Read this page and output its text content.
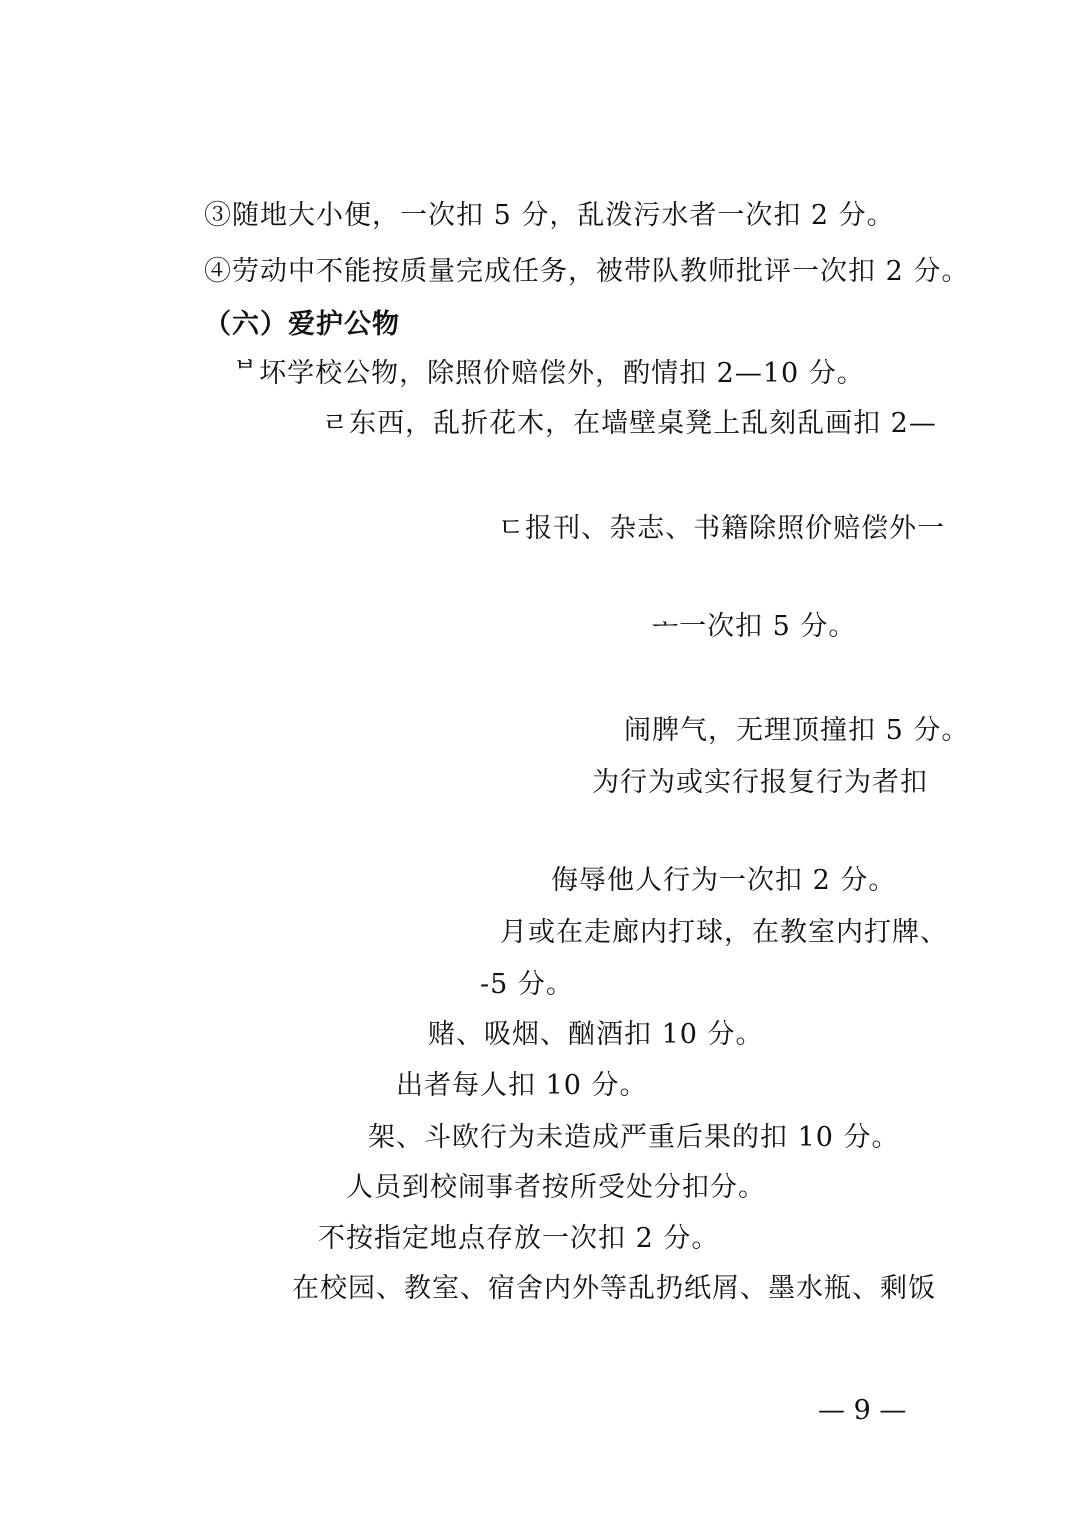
③随地大小便，一次扣 5 分，乱泼污水者一次扣 2 分。
④劳动中不能按质量完成任务，被带队教师批评一次扣 2 分。
（六）爱护公物
ᄇ坏学校公物，除照价赔偿外，酌情扣 2—10 分。
ㄹ东西，乱折花木，在墙壁桌凳上乱刻乱画扣 2—
ㄷ报刊、杂志、书籍除照价赔偿外一
ᅩ一次扣 5 分。
闹脾气，无理顶撞扣 5 分。
为行为或实行报复行为者扣
侮辱他人行为一次扣 2 分。
月或在走廊内打球，在教室内打牌、
-5 分。
赌、吸烟、酗酒扣 10 分。
出者每人扣 10 分。
架、斗欧行为未造成严重后果的扣 10 分。
人员到校闹事者按所受处分扣分。
不按指定地点存放一次扣 2 分。
在校园、教室、宿舍内外等乱扔纸屑、墨水瓶、剩饭
— 9 —
